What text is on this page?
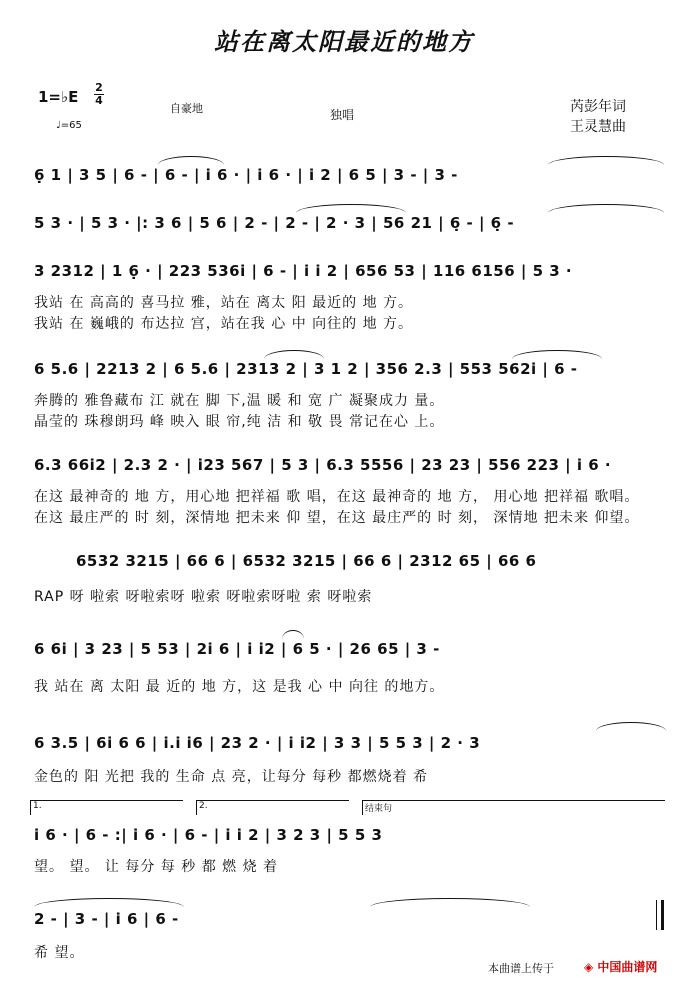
站在离太阳最近的地方
1=♭E
2
4
♩=65
自豪地	独唱	芮彭年词
王灵慧曲
6̣ 1 | 3 5 | 6 - | 6 - | i 6 · | i 6 · | i 2 | 6 5 | 3 - | 3 -
5 3 · | 5 3 · |: 3 6 | 5 6 | 2 - | 2 - | 2 · 3 | 56 21 | 6̣ - | 6̣ -
3 2312 | 1 6̣ · | 223 536i | 6 - | i i 2 | 656 53 | 116 6156 | 5 3 ·
我站 在 高高的 喜马拉 雅，站在 离太 阳 最近的 地 方。
我站 在 巍峨的 布达拉 宫，站在我 心 中 向往的 地 方。
6 5.6 | 2213 2 | 6 5.6 | 2313 2 | 3 1 2 | 356 2.3 | 553 562i | 6 -
奔腾的 雅鲁藏布 江 就在 脚 下,温 暖 和 宽 广 凝聚成力 量。
晶莹的 珠穆朗玛 峰 映入 眼 帘,纯 洁 和 敬 畏 常记在心 上。
6.3 66i2 | 2.3 2 · | i23 567 | 5 3 | 6.3 5556 | 23 23 | 556 223 | i 6 ·
在这 最神奇的 地 方，用心地 把祥福 歌 唱，在这 最神奇的 地 方， 用心地 把祥福 歌唱。
在这 最庄严的 时 刻，深情地 把未来 仰 望，在这 最庄严的 时 刻， 深情地 把未来 仰望。
6532 3215 | 66 6 | 6532 3215 | 66 6 | 2312 65 | 66 6
RAP 呀 啦索 呀啦索呀 啦索 呀啦索呀啦 索 呀啦索
6 6i | 3 23 | 5 53 | 2i 6 | i i2 | 6 5 · | 26 65 | 3 -
我 站在 离 太阳 最 近的 地 方，这 是我 心 中 向往 的地方。
6 3.5 | 6i 6 6 | i.i i6 | 23 2 · | i i2 | 3 3 | 5 5 3 | 2 · 3
金色的 阳 光把 我的 生命 点 亮，让每分 每秒 都燃烧着 希
1.	2.	结束句
i 6 · | 6 - :| i 6 · | 6 - | i i 2 | 3 2 3 | 5 5 3
望。 望。 让 每分 每 秒 都 燃 烧 着
2 - | 3 - | i 6 | 6 -
希 望。
本曲谱上传于	◈ 中国曲谱网
